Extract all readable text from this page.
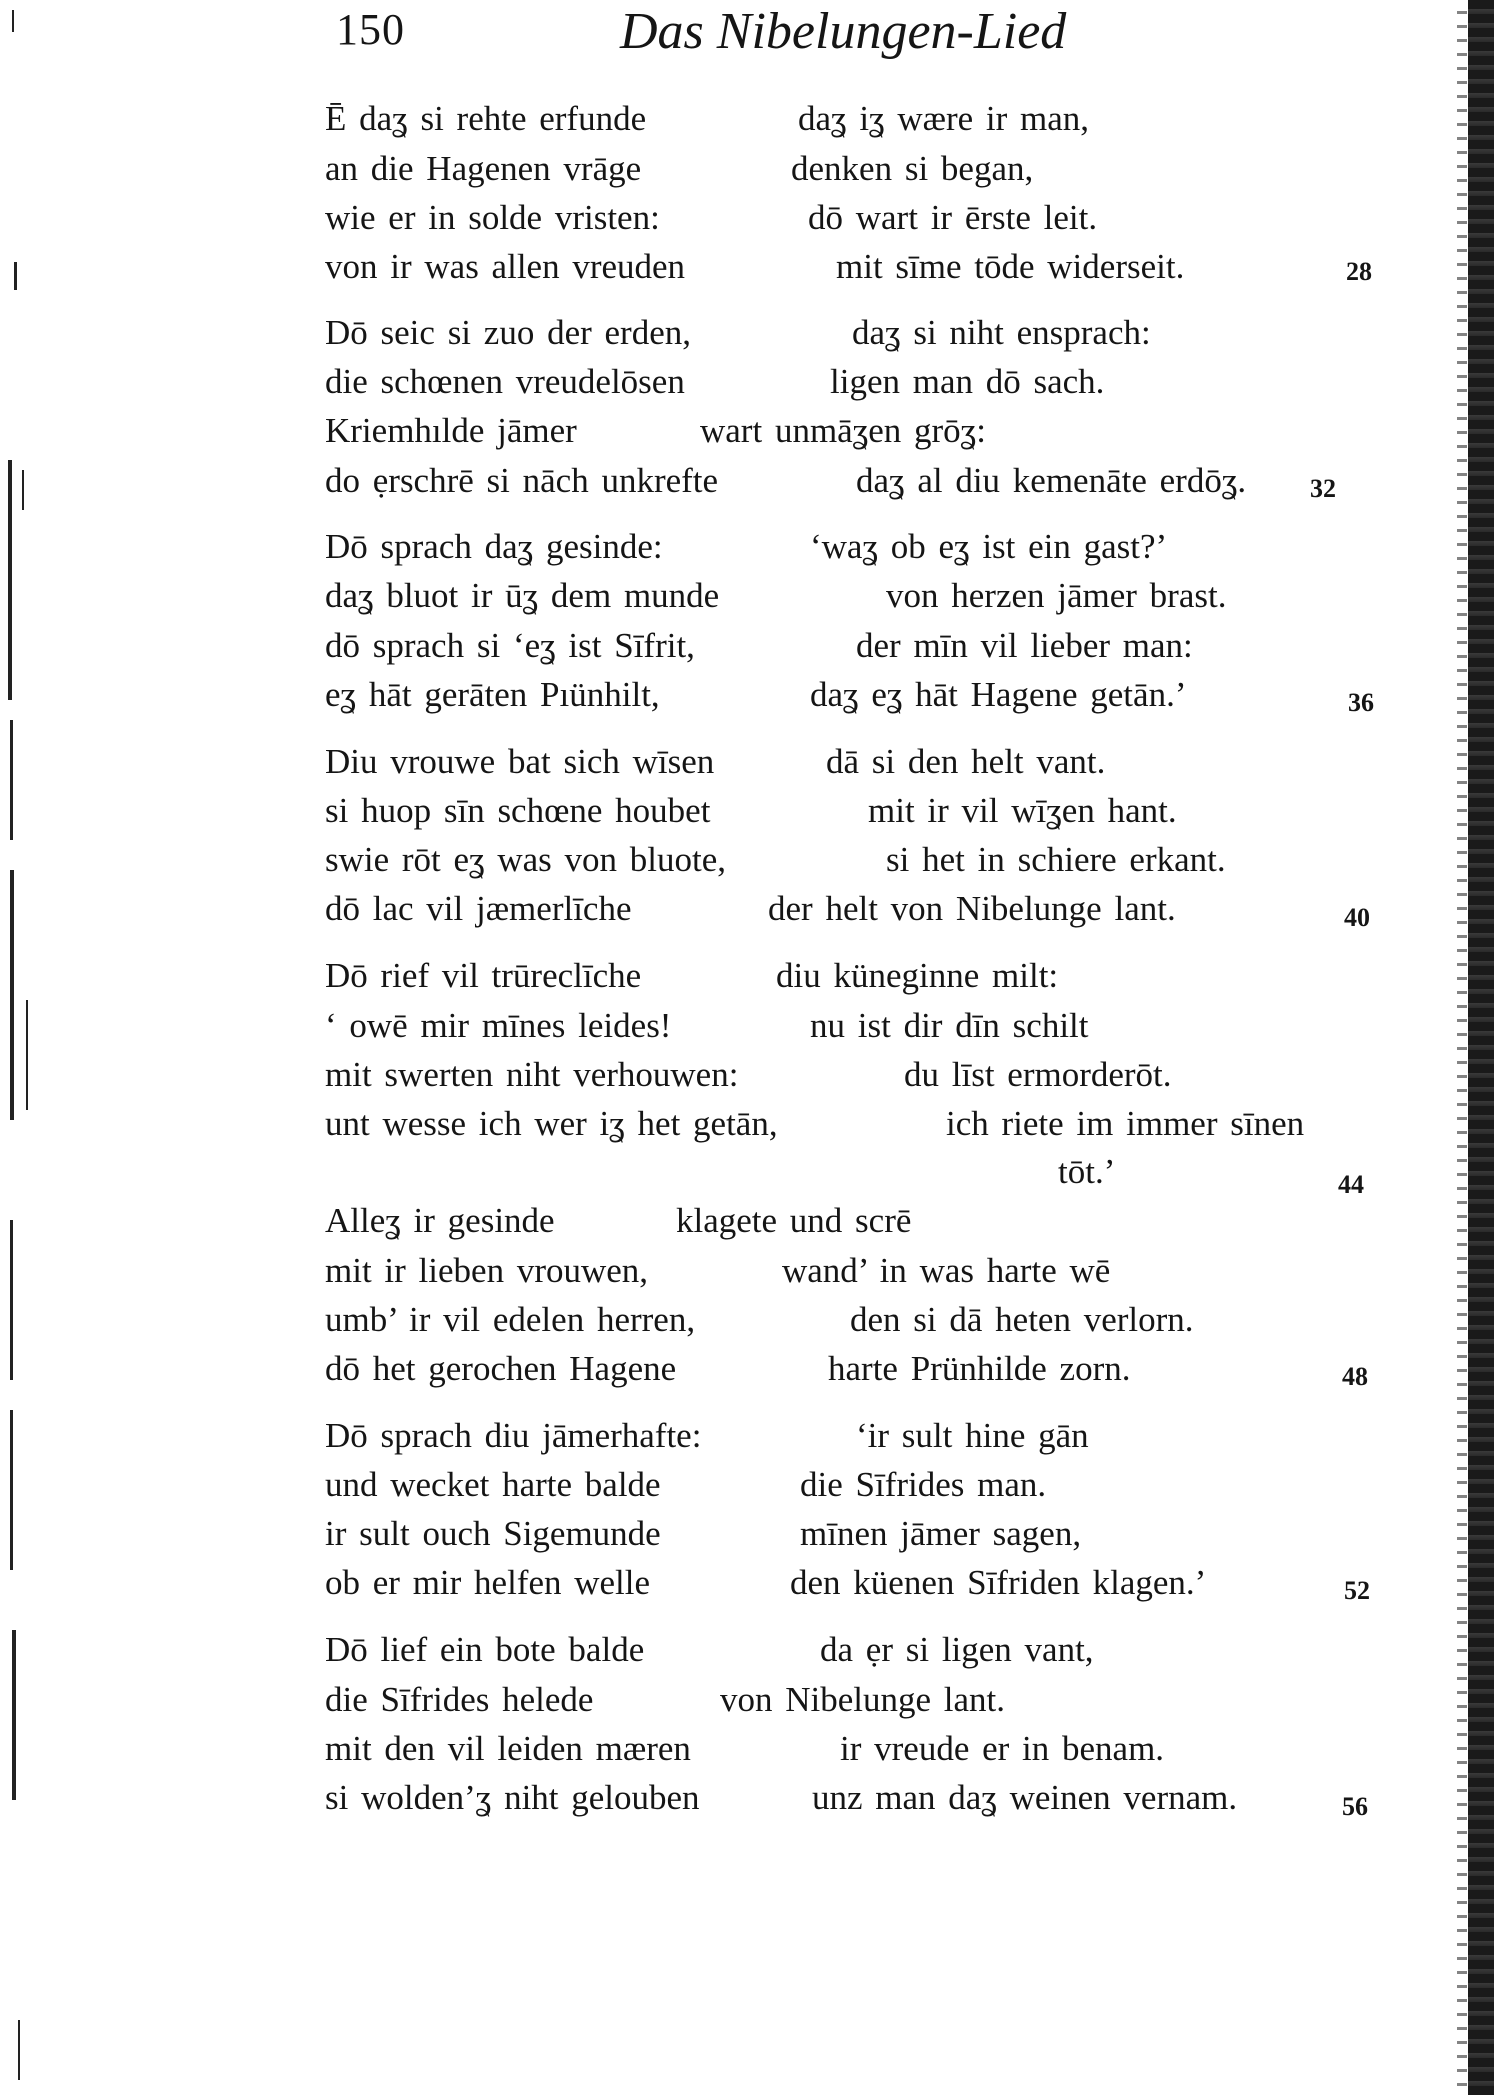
150	Das Nibelungen-Lied
Ē daʓ si rehte erfunde	daʓ iʓ wære ir man,
an die Hagenen vrāge	denken si began,
wie er in solde vristen:	dō wart ir ērste leit.
von ir was allen vreuden	mit sīme tōde widerseit.	28
Dō seic si zuo der erden,	daʓ si niht ensprach:
die schœnen vreudelōsen	ligen man dō sach.
Kriemhılde jāmer	wart unmāʓen grōʓ:
do ẹrschrē si nāch unkrefte	daʓ al diu kemenāte erdōʓ. 32
Dō sprach daʓ gesinde:	‘waʓ ob eʓ ist ein gast?’
daʓ bluot ir ūʓ dem munde	von herzen jāmer brast.
dō sprach si ‘eʓ ist Sīfrit,	der mīn vil lieber man:
eʓ hāt gerāten Pıünhilt,	daʓ eʓ hāt Hagene getān.’	36
Diu vrouwe bat sich wīsen	dā si den helt vant.
si huop sīn schœne houbet	mit ir vil wīʓen hant.
swie rōt eʓ was von bluote,	si het in schiere erkant.
dō lac vil jæmerlīche	der helt von Nibelunge lant.	40
Dō rief vil trūreclīche	diu küneginne milt:
‘ owē mir mīnes leides!	nu ist dir dīn schilt
mit swerten niht verhouwen:	du līst ermorderōt.
unt wesse ich wer iʓ het getān,	ich riete im immer sīnen
tōt.’	44
Alleʓ ir gesinde	klagete und scrē
mit ir lieben vrouwen,	wand’ in was harte wē
umb’ ir vil edelen herren,	den si dā heten verlorn.
dō het gerochen Hagene	harte Prünhilde zorn.	48
Dō sprach diu jāmerhafte:	‘ir sult hine gān
und wecket harte balde	die Sīfrides man.
ir sult ouch Sigemunde	mīnen jāmer sagen,
ob er mir helfen welle	den küenen Sīfriden klagen.’	52
Dō lief ein bote balde	da ẹr si ligen vant,
die Sīfrides helede	von Nibelunge lant.
mit den vil leiden mæren	ir vreude er in benam.
si wolden’ʓ niht gelouben	unz man daʓ weinen vernam.	56
